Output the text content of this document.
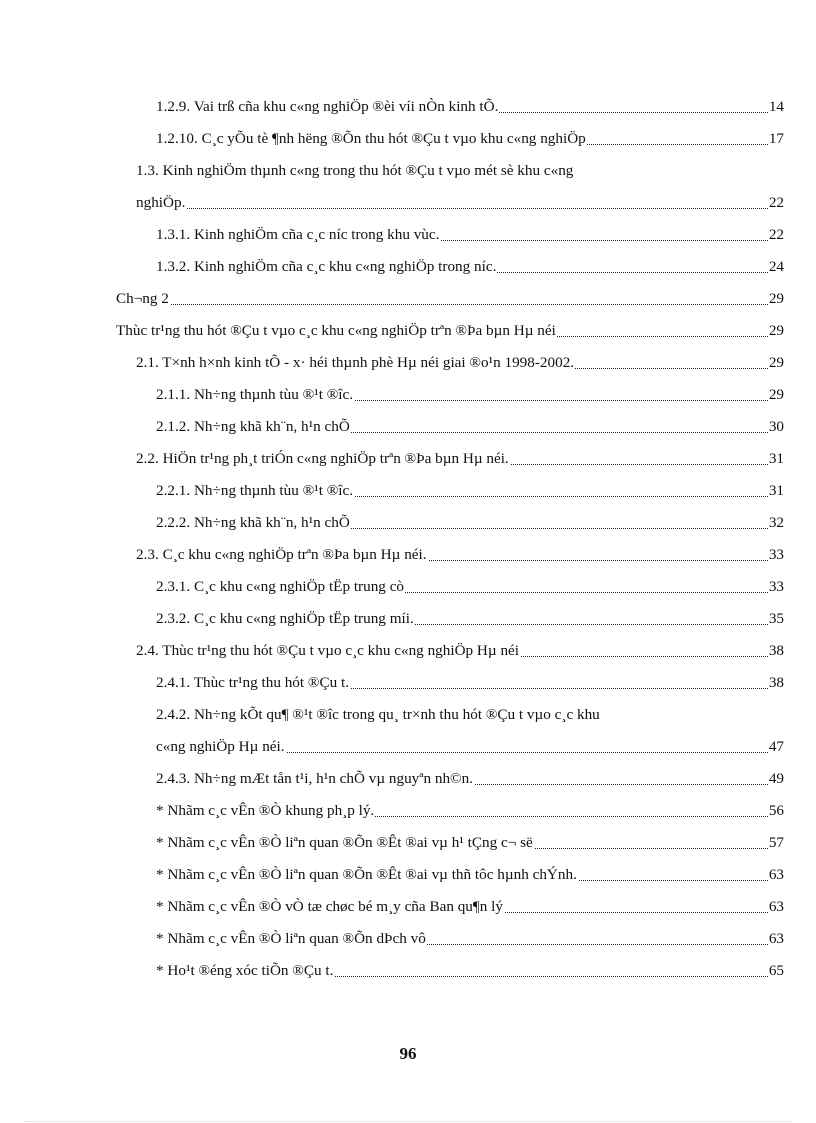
1.2.9. Vai trß cña khu c«ng nghiÖp ®èi víi nÒn kinh tÕ.	14
1.2.10. C¸c yÕu tè ¶nh hëng ®Õn thu hót ®Çu t vµo khu c«ng nghiÖp	17
1.3. Kinh nghiÖm thµnh c«ng trong thu hót ®Çu t vµo mét sè khu c«ng
nghiÖp.	22
1.3.1. Kinh nghiÖm cña c¸c níc trong khu vùc.	22
1.3.2. Kinh nghiÖm cña c¸c khu c«ng nghiÖp trong níc.	24
Ch¬ng 2	29
Thùc tr¹ng thu hót ®Çu t vµo c¸c khu c«ng nghiÖp trªn ®Þa bµn Hµ néi	29
2.1. T×nh h×nh kinh tÕ - x· héi thµnh phè Hµ néi giai ®o¹n 1998-2002.	29
2.1.1. Nh÷ng thµnh tùu ®¹t ®îc.	29
2.1.2. Nh÷ng khã kh¨n, h¹n chÕ	30
2.2. HiÖn tr¹ng ph¸t triÓn c«ng nghiÖp trªn ®Þa bµn Hµ néi.	31
2.2.1. Nh÷ng thµnh tùu ®¹t ®îc.	31
2.2.2. Nh÷ng khã kh¨n, h¹n chÕ	32
2.3. C¸c khu c«ng nghiÖp trªn ®Þa bµn Hµ néi.	33
2.3.1. C¸c khu c«ng nghiÖp tËp trung cò	33
2.3.2. C¸c khu c«ng nghiÖp tËp trung míi.	35
2.4. Thùc tr¹ng thu hót ®Çu t vµo c¸c khu c«ng nghiÖp Hµ néi	38
2.4.1. Thùc tr¹ng thu hót ®Çu t.	38
2.4.2. Nh÷ng kÕt qu¶ ®¹t ®îc trong qu¸ tr×nh thu hót ®Çu t vµo c¸c khu
c«ng nghiÖp Hµ néi.	47
2.4.3. Nh÷ng mÆt tån t¹i, h¹n chÕ vµ nguyªn nh©n.	49
* Nhãm c¸c vÊn ®Ò khung ph¸p lý.	56
* Nhãm c¸c vÊn ®Ò liªn quan ®Õn ®Êt ®ai vµ h¹ tÇng c¬ së	57
* Nhãm c¸c vÊn ®Ò liªn quan ®Õn ®Êt ®ai vµ thñ tôc hµnh chÝnh.	63
* Nhãm c¸c vÊn ®Ò vÒ tæ chøc bé m¸y cña Ban qu¶n lý	63
* Nhãm c¸c vÊn ®Ò liªn quan ®Õn dÞch vô	63
* Ho¹t ®éng xóc tiÕn ®Çu t.	65
96
